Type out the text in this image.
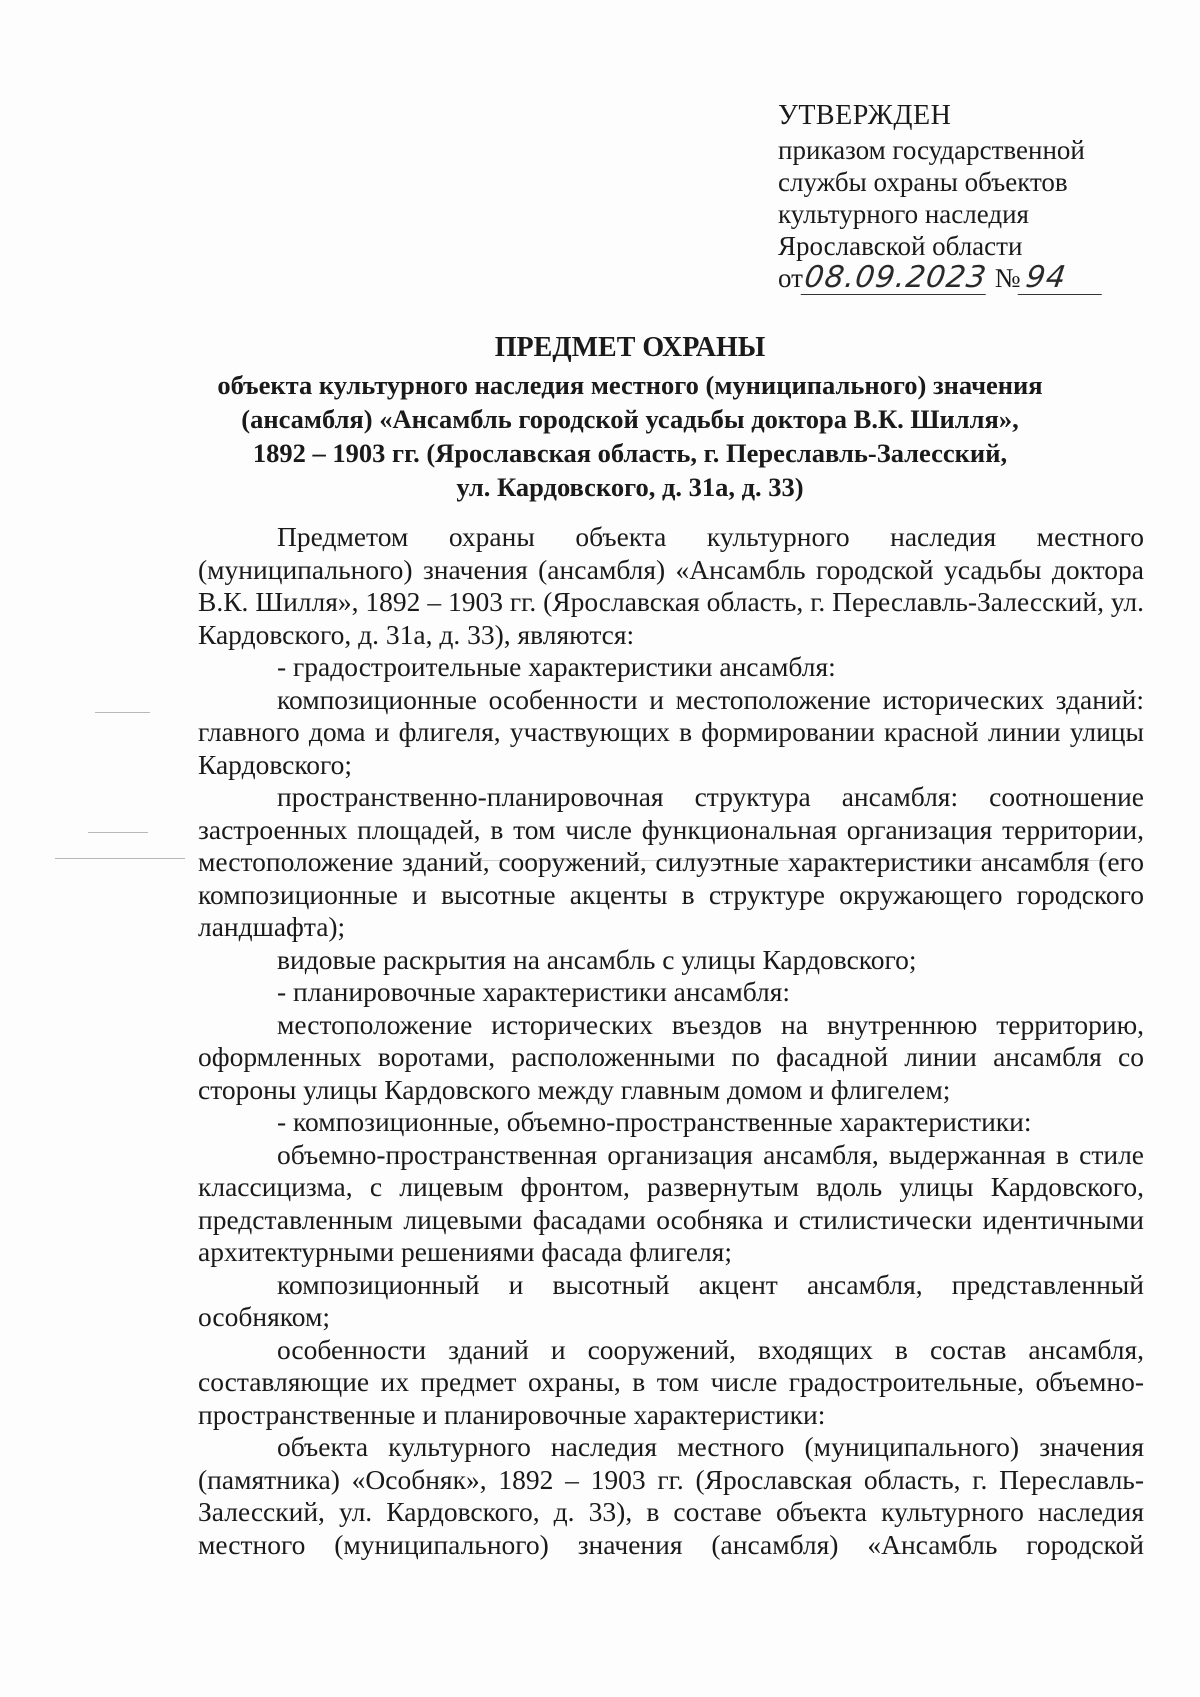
УТВЕРЖДЕН
приказом государственной
службы охраны объектов
культурного наследия
Ярославской области
от08.09.2023 № 94
ПРЕДМЕТ ОХРАНЫ
объекта культурного наследия местного (муниципального) значения
(ансамбля) «Ансамбль городской усадьбы доктора В.К. Шилля»,
1892 – 1903 гг. (Ярославская область, г. Переславль-Залесский,
ул. Кардовского, д. 31а, д. 33)

Предметом охраны объекта культурного наследия местного (муниципального) значения (ансамбля) «Ансамбль городской усадьбы доктора В.К. Шилля», 1892 – 1903 гг. (Ярославская область, г. Переславль-Залесский, ул. Кардовского, д. 31а, д. 33), являются:

- градостроительные характеристики ансамбля:

композиционные особенности и местоположение исторических зданий: главного дома и флигеля, участвующих в формировании красной линии улицы Кардовского;

пространственно-планировочная структура ансамбля: соотношение застроенных площадей, в том числе функциональная организация территории, местоположение зданий, сооружений, силуэтные характеристики ансамбля (его композиционные и высотные акценты в структуре окружающего городского ландшафта);

видовые раскрытия на ансамбль с улицы Кардовского;

- планировочные характеристики ансамбля:

местоположение исторических въездов на внутреннюю территорию, оформленных воротами, расположенными по фасадной линии ансамбля со стороны улицы Кардовского между главным домом и флигелем;

- композиционные, объемно-пространственные характеристики:

объемно-пространственная организация ансамбля, выдержанная в стиле классицизма, с лицевым фронтом, развернутым вдоль улицы Кардовского, представленным лицевыми фасадами особняка и стилистически идентичными архитектурными решениями фасада флигеля;

композиционный и высотный акцент ансамбля, представленный особняком;

особенности зданий и сооружений, входящих в состав ансамбля, составляющие их предмет охраны, в том числе градостроительные, объемно-пространственные и планировочные характеристики:

объекта культурного наследия местного (муниципального) значения (памятника) «Особняк», 1892 – 1903 гг. (Ярославская область, г. Переславль-Залесский, ул. Кардовского, д. 33), в составе объекта культурного наследия местного (муниципального) значения (ансамбля) «Ансамбль городской
